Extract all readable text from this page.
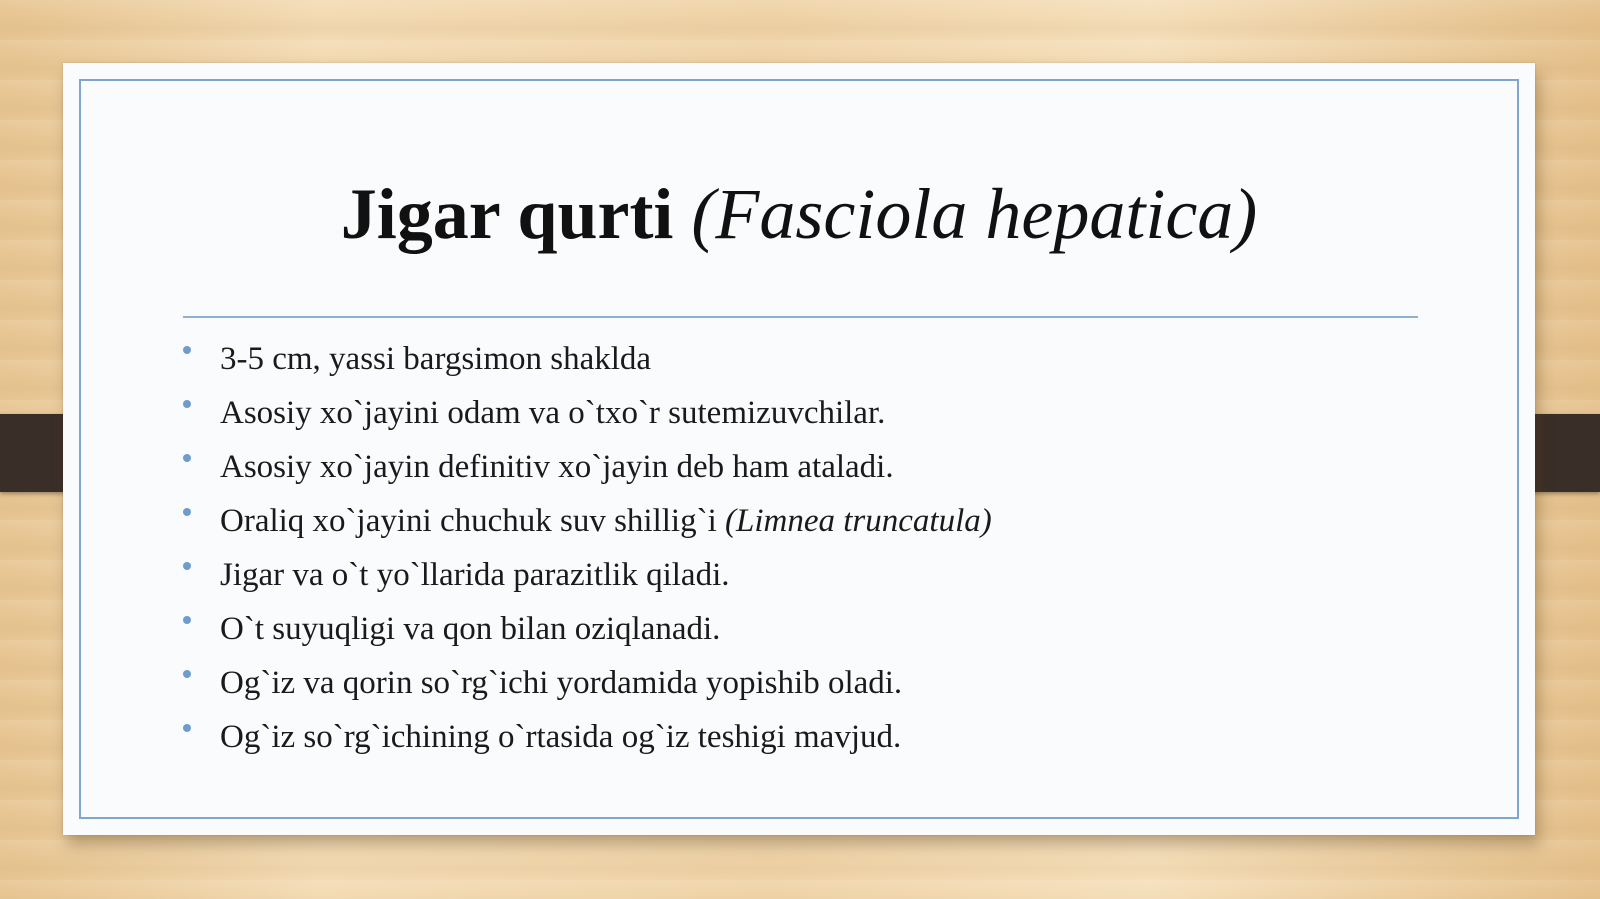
Jigar qurti (Fasciola hepatica)
3-5 cm, yassi bargsimon shaklda
Asosiy xo`jayini odam va o`txo`r sutemizuvchilar.
Asosiy xo`jayin definitiv xo`jayin deb ham ataladi.
Oraliq xo`jayini chuchuk suv shillig`i (Limnea truncatula)
Jigar va o`t yo`llarida parazitlik qiladi.
O`t suyuqligi va qon bilan oziqlanadi.
Og`iz va qorin so`rg`ichi yordamida yopishib oladi.
Og`iz so`rg`ichining o`rtasida og`iz teshigi mavjud.
